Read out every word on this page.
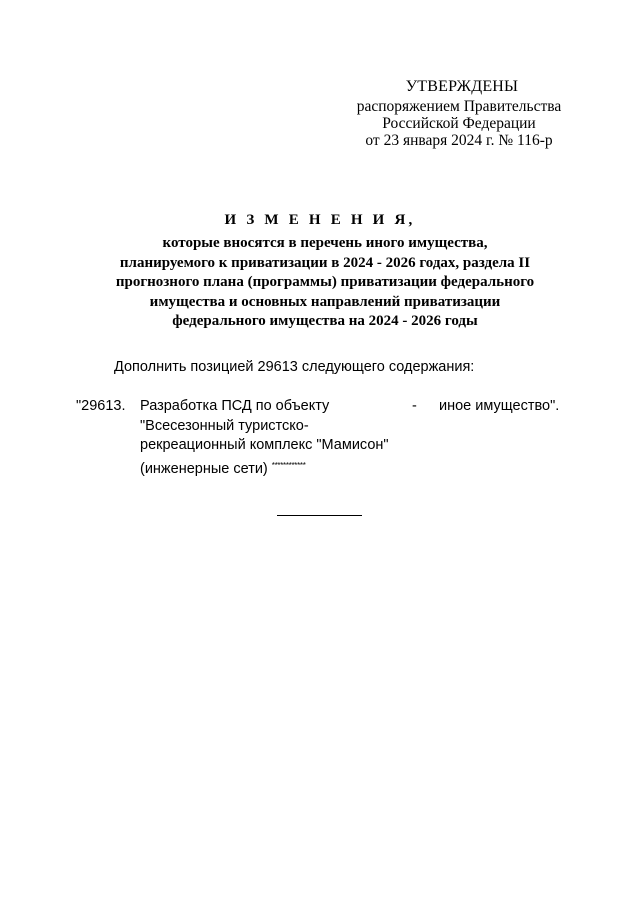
УТВЕРЖДЕНЫ
распоряжением Правительства
Российской Федерации
от 23 января 2024 г. № 116-р
И З М Е Н Е Н И Я,
которые вносятся в перечень иного имущества,
планируемого к приватизации в 2024 - 2026 годах, раздела II
прогнозного плана (программы) приватизации федерального
имущества и основных направлений приватизации
федерального имущества на 2024 - 2026 годы
Дополнить позицией 29613 следующего содержания:
"29613. Разработка ПСД по объекту
"Всесезонный туристско-
рекреационный комплекс "Мамисон"
(инженерные сети) ************
- иное имущество".
